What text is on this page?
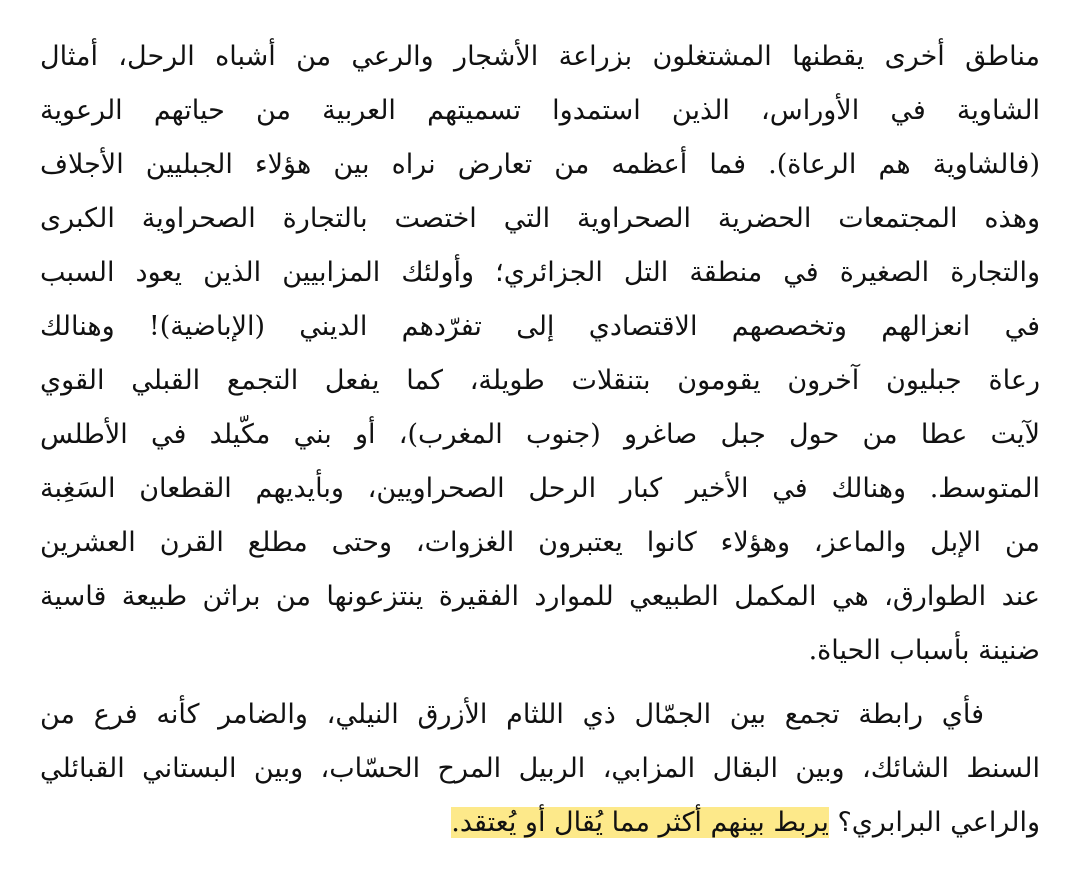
مناطق أخرى يقطنها المشتغلون بزراعة الأشجار والرعي من أشباه الرحل، أمثال
الشاوية في الأوراس، الذين استمدوا تسميتهم العربية من حياتهم الرعوية
(فالشاوية هم الرعاة). فما أعظمه من تعارض نراه بين هؤلاء الجبليين الأجلاف
وهذه المجتمعات الحضرية الصحراوية التي اختصت بالتجارة الصحراوية الكبرى
والتجارة الصغيرة في منطقة التل الجزائري؛ وأولئك المزابيين الذين يعود السبب
في انعزالهم وتخصصهم الاقتصادي إلى تفرّدهم الديني (الإباضية)! وهنالك
رعاة جبليون آخرون يقومون بتنقلات طويلة، كما يفعل التجمع القبلي القوي
لآيت عطا من حول جبل صاغرو (جنوب المغرب)، أو بني مكّيلد في الأطلس
المتوسط. وهنالك في الأخير كبار الرحل الصحراويين، وبأيديهم القطعان السَغِبة
من الإبل والماعز، وهؤلاء كانوا يعتبرون الغزوات، وحتى مطلع القرن العشرين
عند الطوارق، هي المكمل الطبيعي للموارد الفقيرة ينتزعونها من براثن طبيعة قاسية
ضنينة بأسباب الحياة.
فأي رابطة تجمع بين الجمّال ذي اللثام الأزرق النيلي، والضامر كأنه فرع من
السنط الشائك، وبين البقال المزابي، الربيل المرح الحسّاب، وبين البستاني القبائلي
والراعي البرابري؟ يربط بينهم أكثر مما يُقال أو يُعتقد.
